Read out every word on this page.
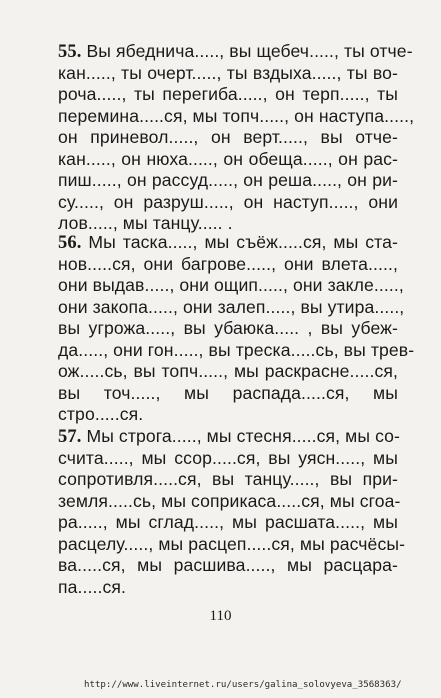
55. Вы ябеднича....., вы щебеч....., ты отче-
кан....., ты очерт....., ты вздыха....., ты во-
роча....., ты перегиба....., он терп....., ты
перемина.....ся, мы топч....., он наступа.....,
он приневол....., он верт....., вы отче-
кан....., он нюха....., он обеща....., он рас-
пиш....., он рассуд....., он реша....., он ри-
су....., он разруш....., он наступ....., они
лов....., мы танцу..... .
56. Мы таска....., мы съёж.....ся, мы ста-
нов.....ся, они багрове....., они влета.....,
они выдав....., они ощип....., они закле.....,
они закопа....., они залеп....., вы утира.....,
вы угрожа....., вы убаюка..... , вы убеж-
да....., они гон....., вы треска.....сь, вы трев-
ож.....сь, вы топч....., мы раскрасне.....ся,
вы точ....., мы распада.....ся, мы
стро.....ся.
57. Мы строга....., мы стесня.....ся, мы со-
счита....., мы ссор.....ся, вы уясн....., мы
сопротивля.....ся, вы танцу....., вы при-
земля.....сь, мы соприкаса.....ся, мы сгоа-
ра....., мы сглад....., мы расшата....., мы
расцелу....., мы расцеп.....ся, мы расчёсы-
ва.....ся, мы расшива....., мы расцара-
па.....ся.
110
http://www.liveinternet.ru/users/galina_solovyeva_3568363/
